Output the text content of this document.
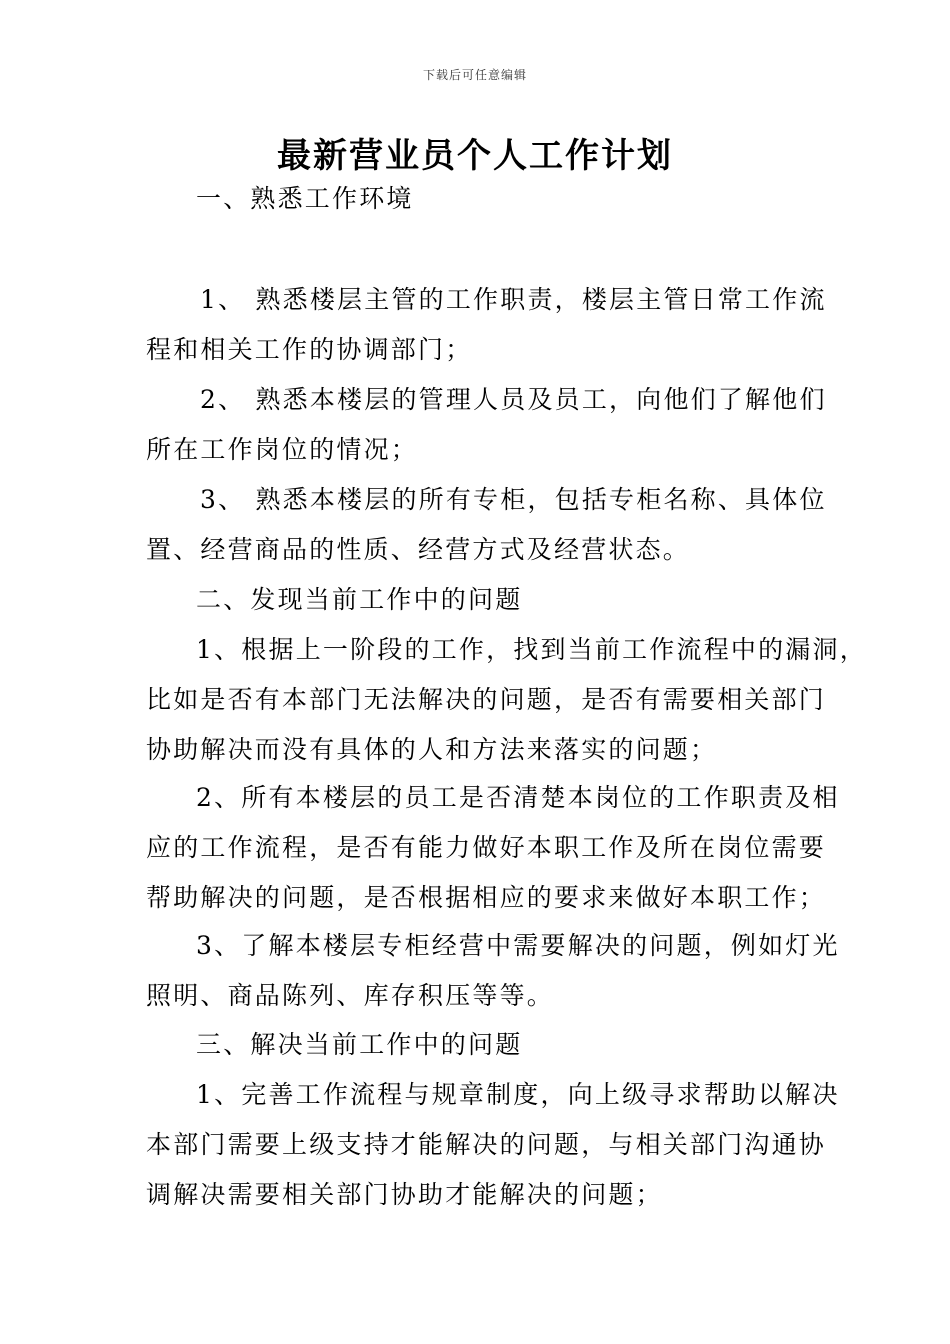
下载后可任意编辑
最新营业员个人工作计划
一、熟悉工作环境
1、 熟悉楼层主管的工作职责，楼层主管日常工作流
程和相关工作的协调部门；
2、 熟悉本楼层的管理人员及员工，向他们了解他们
所在工作岗位的情况；
3、 熟悉本楼层的所有专柜，包括专柜名称、具体位
置、经营商品的性质、经营方式及经营状态。
二、发现当前工作中的问题
1、根据上一阶段的工作，找到当前工作流程中的漏洞，
比如是否有本部门无法解决的问题，是否有需要相关部门
协助解决而没有具体的人和方法来落实的问题；
2、所有本楼层的员工是否清楚本岗位的工作职责及相
应的工作流程，是否有能力做好本职工作及所在岗位需要
帮助解决的问题，是否根据相应的要求来做好本职工作；
3、了解本楼层专柜经营中需要解决的问题，例如灯光
照明、商品陈列、库存积压等等。
三、解决当前工作中的问题
1、完善工作流程与规章制度，向上级寻求帮助以解决
本部门需要上级支持才能解决的问题，与相关部门沟通协
调解决需要相关部门协助才能解决的问题；
